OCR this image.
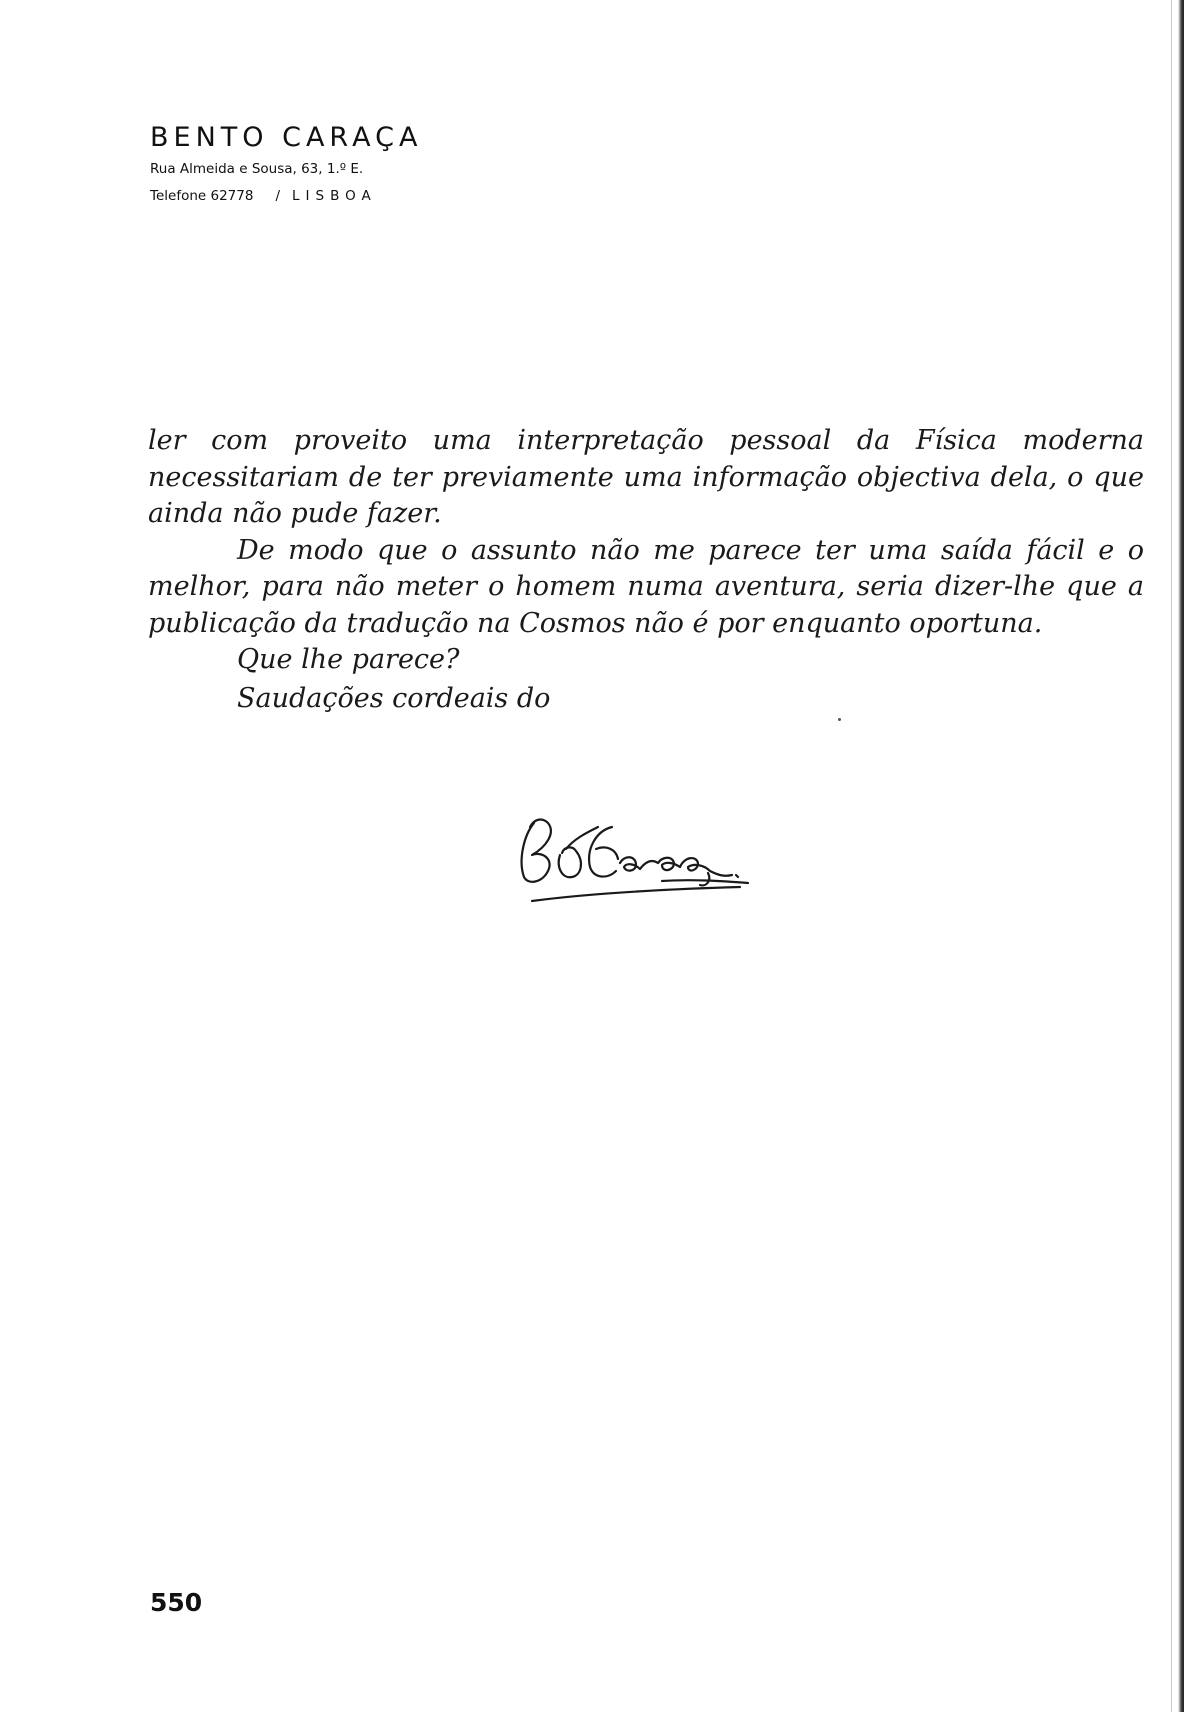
BENTO CARAÇA
Rua Almeida e Sousa, 63, 1.º E.
Telefone 62778 / LISBOA

ler com proveito uma interpretação pessoal da Física moderna necessitariam de ter previamente uma informação objectiva dela, o que ainda não pude fazer.

De modo que o assunto não me parece ter uma saída fácil e o melhor, para não meter o homem numa aventura, seria dizer-lhe que a publicação da tradução na Cosmos não é por enquanto oportuna.

Que lhe parece?

Saudações cordeais do

550
